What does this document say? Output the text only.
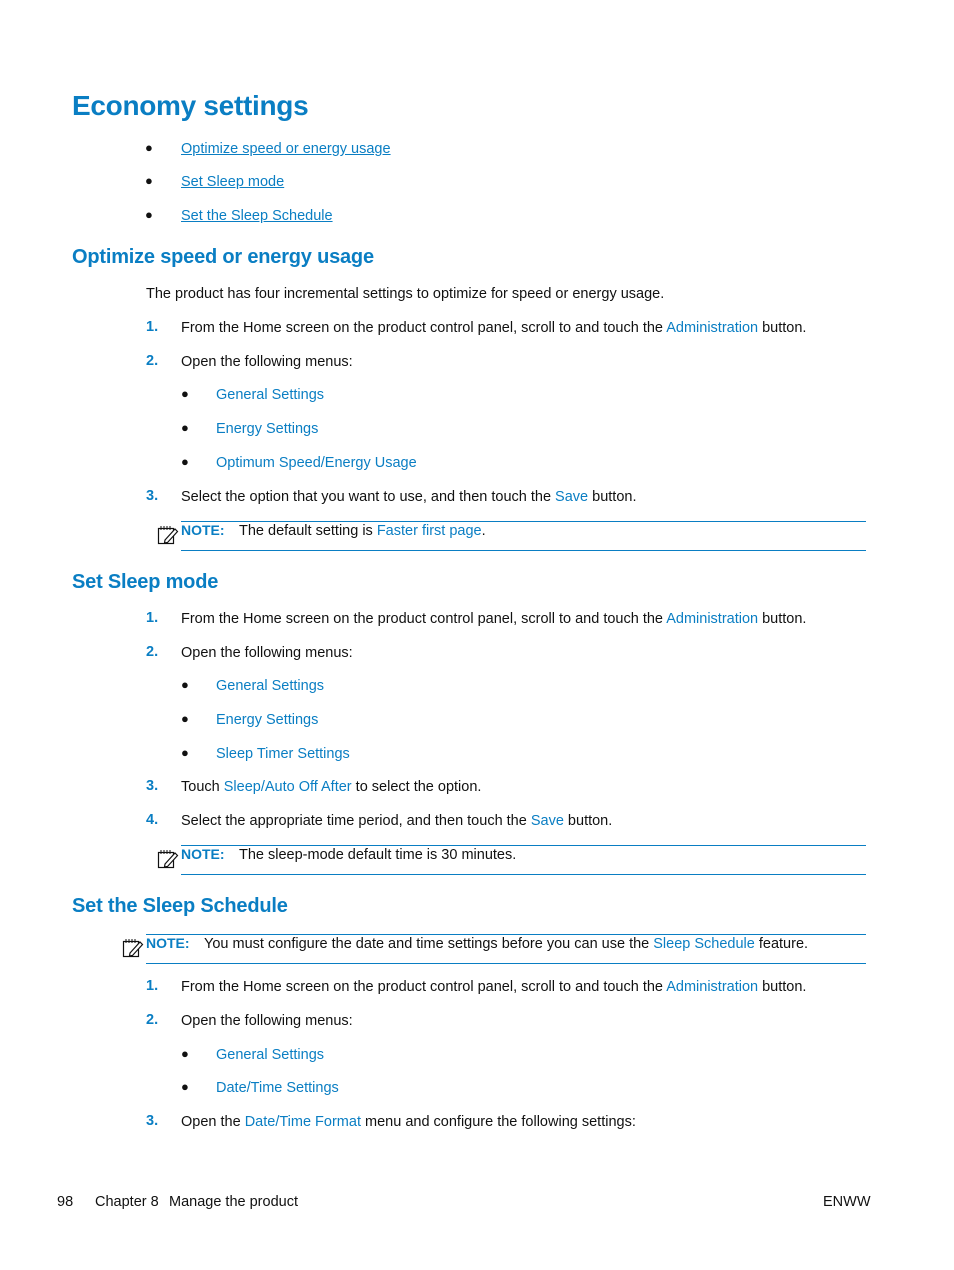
Economy settings
● Optimize speed or energy usage
● Set Sleep mode
● Set the Sleep Schedule
Optimize speed or energy usage
The product has four incremental settings to optimize for speed or energy usage.
1. From the Home screen on the product control panel, scroll to and touch the Administration button.
2. Open the following menus:
● General Settings
● Energy Settings
● Optimum Speed/Energy Usage
3. Select the option that you want to use, and then touch the Save button.
NOTE: The default setting is Faster first page.
Set Sleep mode
1. From the Home screen on the product control panel, scroll to and touch the Administration button.
2. Open the following menus:
● General Settings
● Energy Settings
● Sleep Timer Settings
3. Touch Sleep/Auto Off After to select the option.
4. Select the appropriate time period, and then touch the Save button.
NOTE: The sleep-mode default time is 30 minutes.
Set the Sleep Schedule
NOTE: You must configure the date and time settings before you can use the Sleep Schedule feature.
1. From the Home screen on the product control panel, scroll to and touch the Administration button.
2. Open the following menus:
● General Settings
● Date/Time Settings
3. Open the Date/Time Format menu and configure the following settings:
98 Chapter 8 Manage the product	ENWW
